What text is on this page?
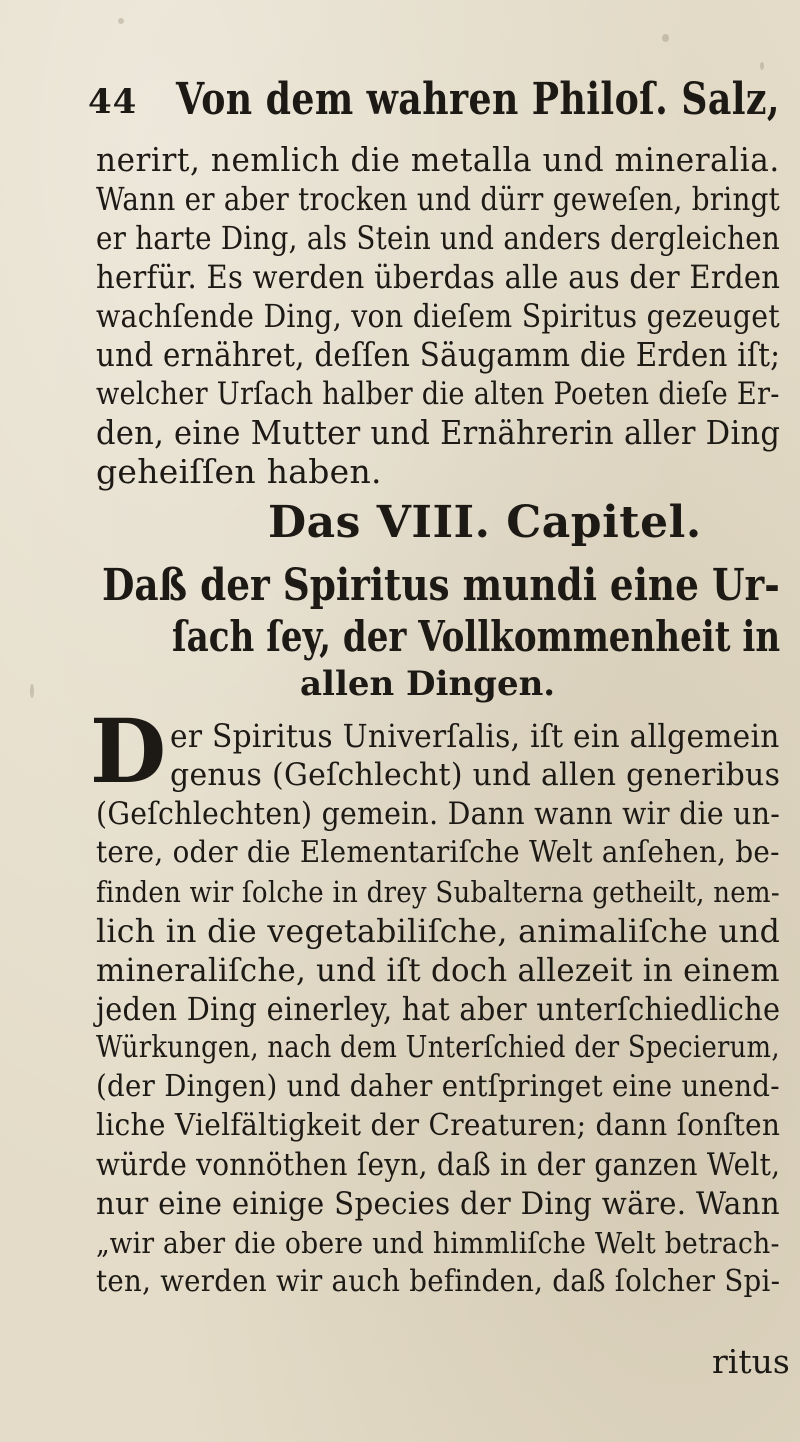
44 Von dem wahren Philoſ. Salz,
nerirt, nemlich die metalla und mineralia.
Wann er aber trocken und dürr geweſen, bringt
er harte Ding, als Stein und anders dergleichen
herfür. Es werden überdas alle aus der Erden
wachſende Ding, von dieſem Spiritus gezeuget
und ernähret, deſſen Säugamm die Erden iſt;
welcher Urſach halber die alten Poeten dieſe Er-
den, eine Mutter und Ernährerin aller Ding
geheiſſen haben.
Das VIII. Capitel.
Daß der Spiritus mundi eine Ur-
ſach ſey, der Vollkommenheit in
allen Dingen.
D er Spiritus Univerſalis, iſt ein allgemein
genus (Geſchlecht) und allen generibus
(Geſchlechten) gemein. Dann wann wir die un-
tere, oder die Elementariſche Welt anſehen, be-
finden wir ſolche in drey Subalterna getheilt, nem-
lich in die vegetabiliſche, animaliſche und
mineraliſche, und iſt doch allezeit in einem
jeden Ding einerley, hat aber unterſchiedliche
Würkungen, nach dem Unterſchied der Specierum,
(der Dingen) und daher entſpringet eine unend-
liche Vielfältigkeit der Creaturen; dann ſonſten
würde vonnöthen ſeyn, daß in der ganzen Welt,
nur eine einige Species der Ding wäre. Wann
„wir aber die obere und himmliſche Welt betrach-
ten, werden wir auch befinden, daß ſolcher Spi-
ritus
